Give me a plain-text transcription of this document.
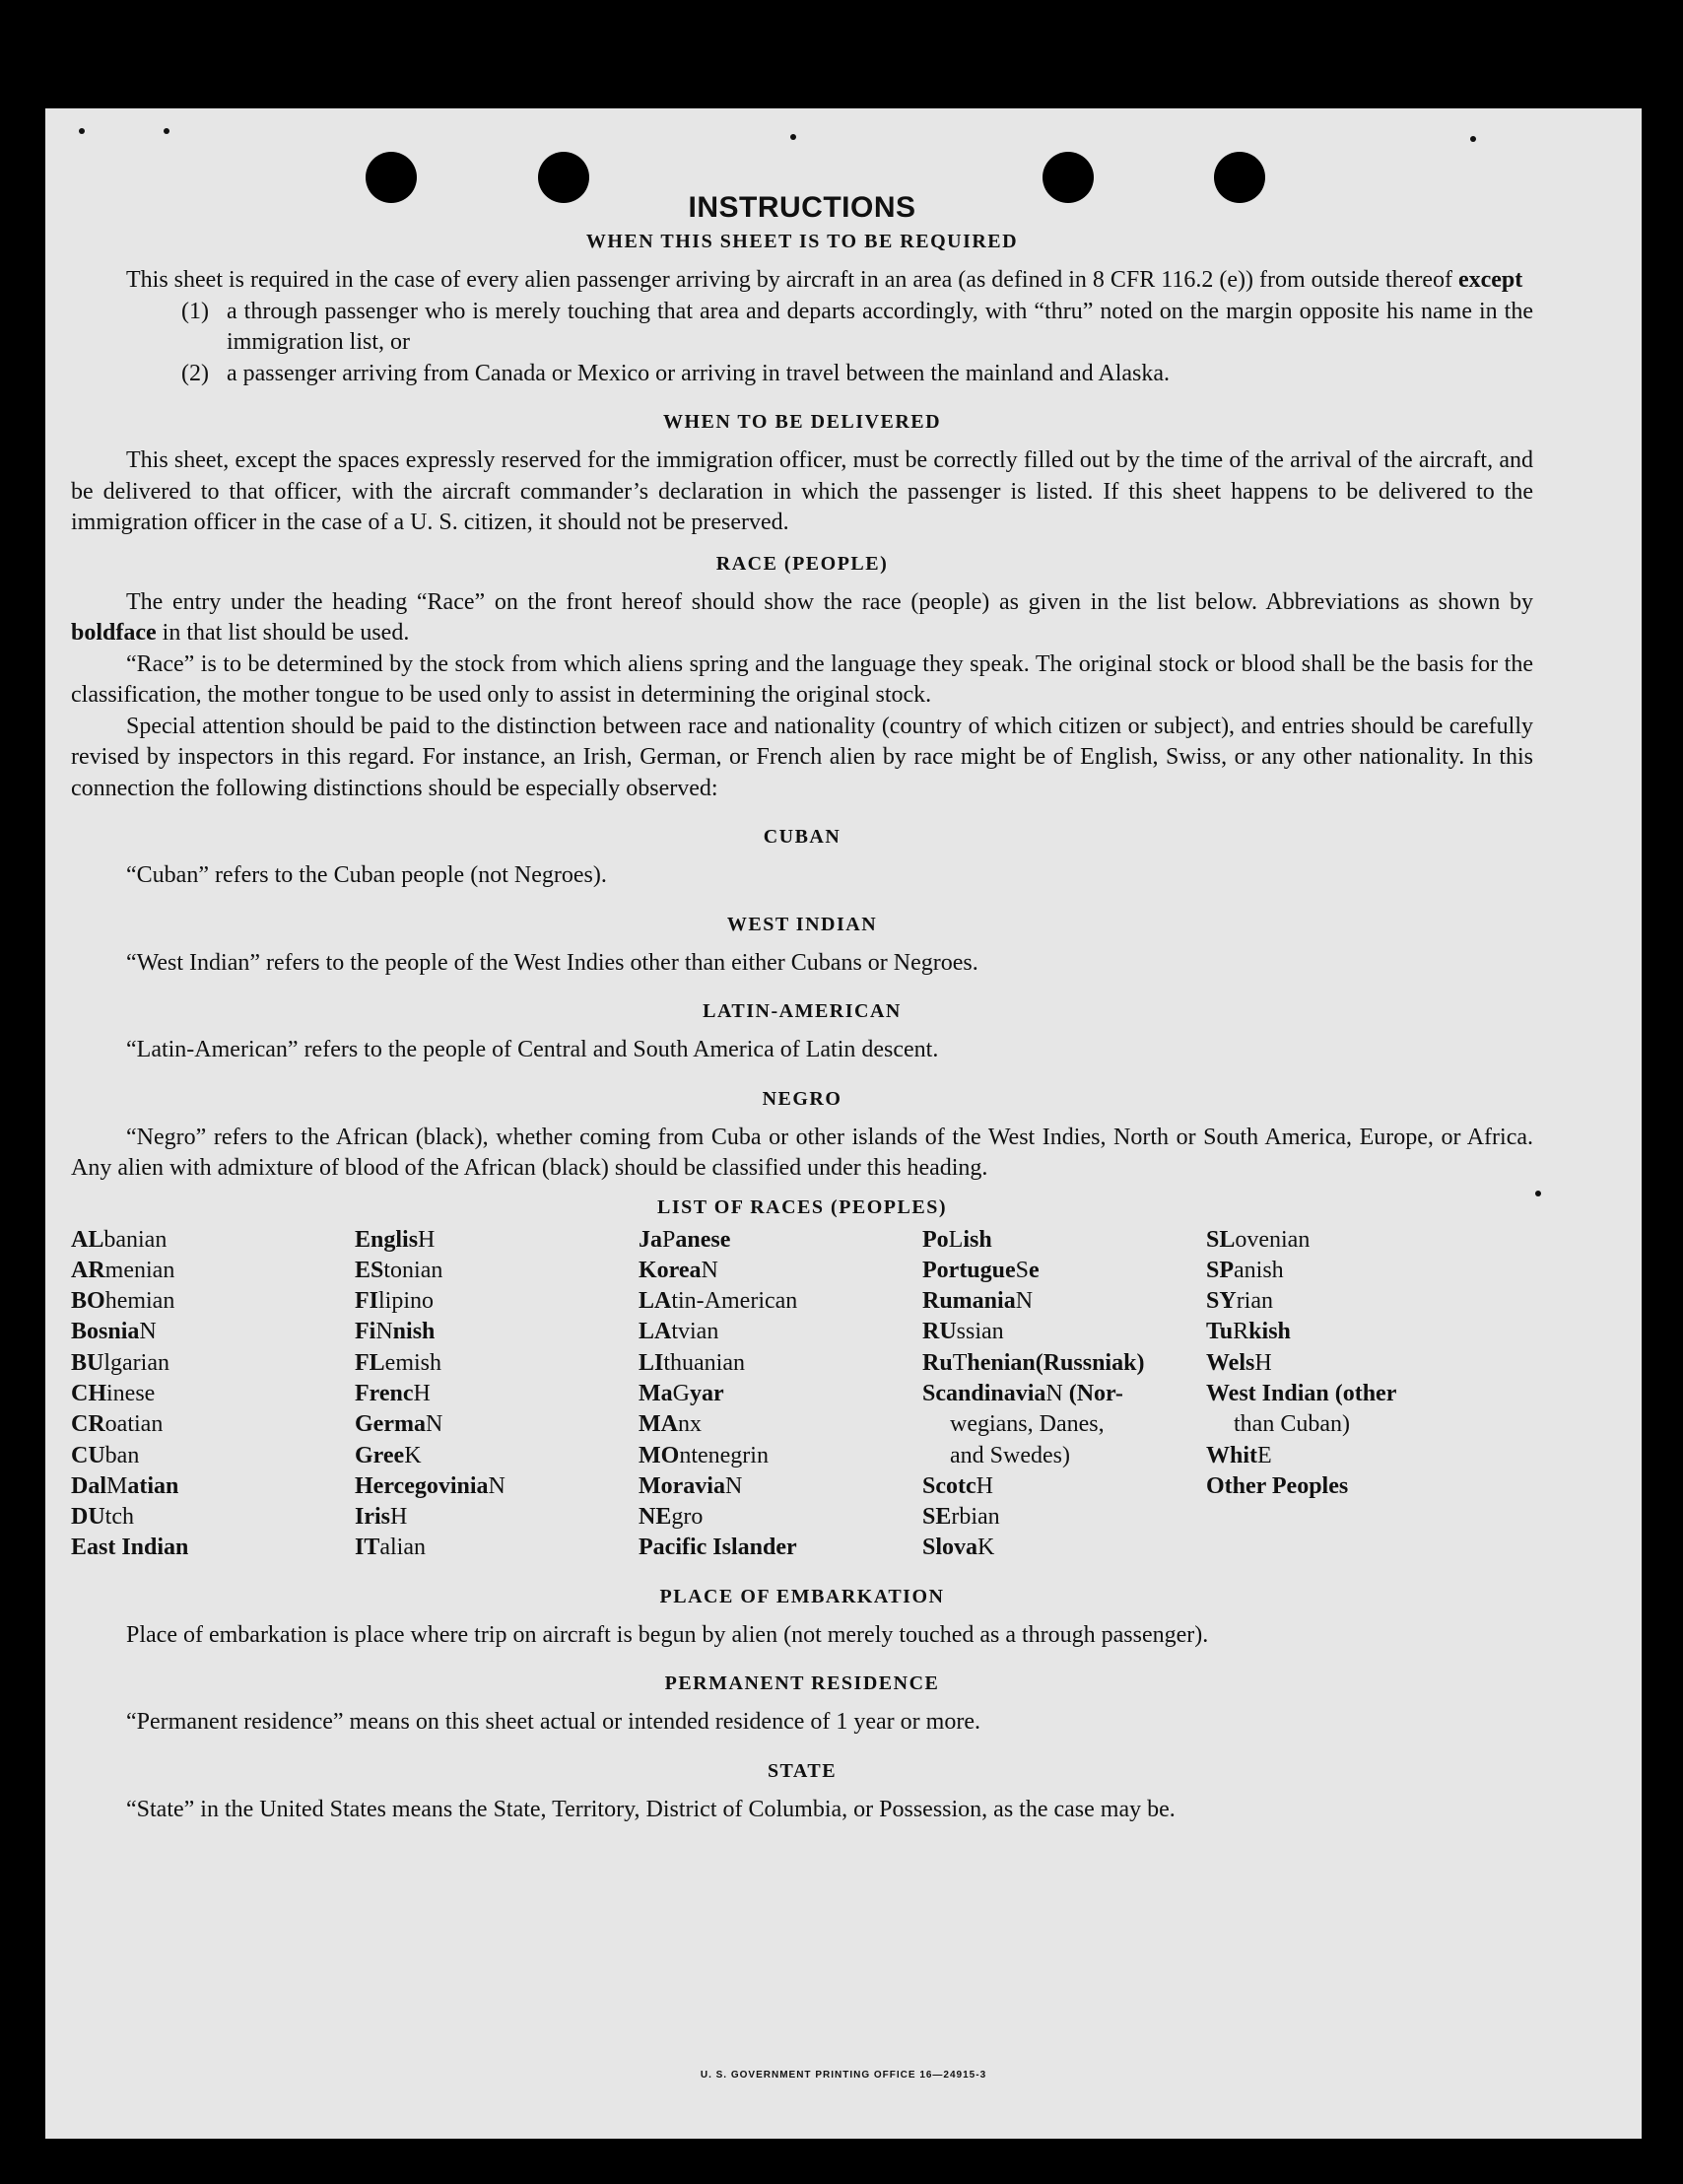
INSTRUCTIONS
WHEN THIS SHEET IS TO BE REQUIRED

This sheet is required in the case of every alien passenger arriving by aircraft in an area (as defined in 8 CFR 116.2 (e)) from outside thereof except

(1) a through passenger who is merely touching that area and departs accordingly, with “thru” noted on the margin opposite his name in the immigration list, or
(2) a passenger arriving from Canada or Mexico or arriving in travel between the mainland and Alaska.
WHEN TO BE DELIVERED

This sheet, except the spaces expressly reserved for the immigration officer, must be correctly filled out by the time of the arrival of the aircraft, and be delivered to that officer, with the aircraft commander’s declaration in which the passenger is listed. If this sheet happens to be delivered to the immigration officer in the case of a U. S. citizen, it should not be preserved.

RACE (PEOPLE)

The entry under the heading “Race” on the front hereof should show the race (people) as given in the list below. Abbreviations as shown by boldface in that list should be used.

“Race” is to be determined by the stock from which aliens spring and the language they speak. The original stock or blood shall be the basis for the classification, the mother tongue to be used only to assist in determining the original stock.

Special attention should be paid to the distinction between race and nationality (country of which citizen or subject), and entries should be carefully revised by inspectors in this regard. For instance, an Irish, German, or French alien by race might be of English, Swiss, or any other nationality. In this connection the following distinctions should be especially observed:

CUBAN

“Cuban” refers to the Cuban people (not Negroes).

WEST INDIAN

“West Indian” refers to the people of the West Indies other than either Cubans or Negroes.

LATIN-AMERICAN

“Latin-American” refers to the people of Central and South America of Latin descent.

NEGRO

“Negro” refers to the African (black), whether coming from Cuba or other islands of the West Indies, North or South America, Europe, or Africa. Any alien with admixture of blood of the African (black) should be classified under this heading.

LIST OF RACES (PEOPLES)
ALbanian
ARmenian
BOhemian
BosniaN
BUlgarian
CHinese
CRoatian
CUban
DalMatian
DUtch
East Indian
EnglisH
EStonian
FIlipino
FiNnish
FLemish
FrencH
GermaN
GreeK
HercegoviniaN
IrisH
ITalian
JaPanese
KoreaN
LAtin-American
LAtvian
LIthuanian
MaGyar
MAnx
MOntenegrin
MoraviaN
NEgro
Pacific Islander
PoLish
PortugueSe
RumaniaN
RUssian
RuThenian(Russniak)
ScandinaviaN (Nor-
wegians, Danes,
and Swedes)
ScotcH
SErbian
SlovaK
SLovenian
SPanish
SYrian
TuRkish
WelsH
West Indian (other
than Cuban)
WhitE
Other Peoples
PLACE OF EMBARKATION

Place of embarkation is place where trip on aircraft is begun by alien (not merely touched as a through passenger).

PERMANENT RESIDENCE

“Permanent residence” means on this sheet actual or intended residence of 1 year or more.

STATE

“State” in the United States means the State, Territory, District of Columbia, or Possession, as the case may be.

U. S. GOVERNMENT PRINTING OFFICE 16—24915-3
